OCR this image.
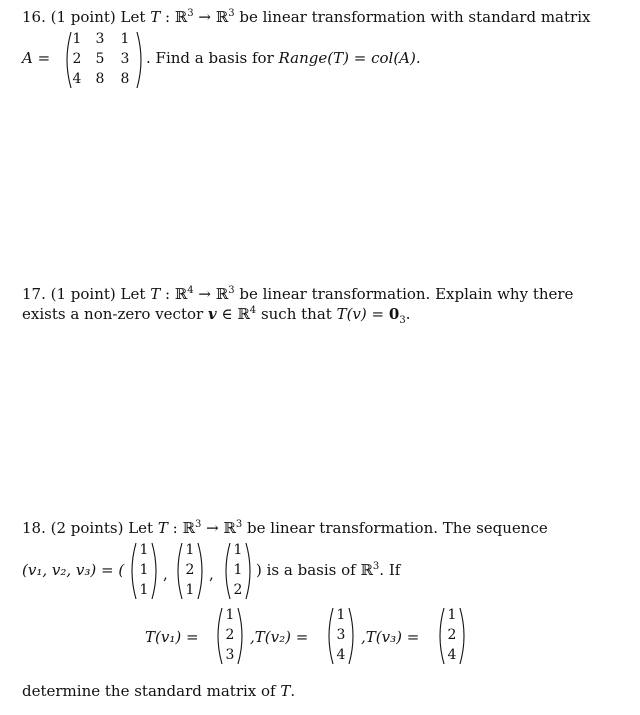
16. (1 point) Let T : ℝ$^3$ → ℝ$^3$ be linear transformation with standard matrix
A =
1 3 1
2 5 3
4 8 8
. Find a basis for Range(T) = col(A).
17. (1 point) Let T : ℝ$^4$ → ℝ$^3$ be linear transformation. Explain why there
exists a non-zero vector v ∈ ℝ$^4$ such that $T(v) = 0_3$.
18. (2 points) Let T : ℝ$^3$ → ℝ$^3$ be linear transformation. The sequence
(v₁, v₂, v₃) = (
1
1
1
,
1
2
1
,
1
1
2
) is a basis of ℝ$^3$. If
T(v₁) =
1
2
3
,T(v₂) =
1
3
4
,T(v₃) =
1
2
4
determine the standard matrix of T.
